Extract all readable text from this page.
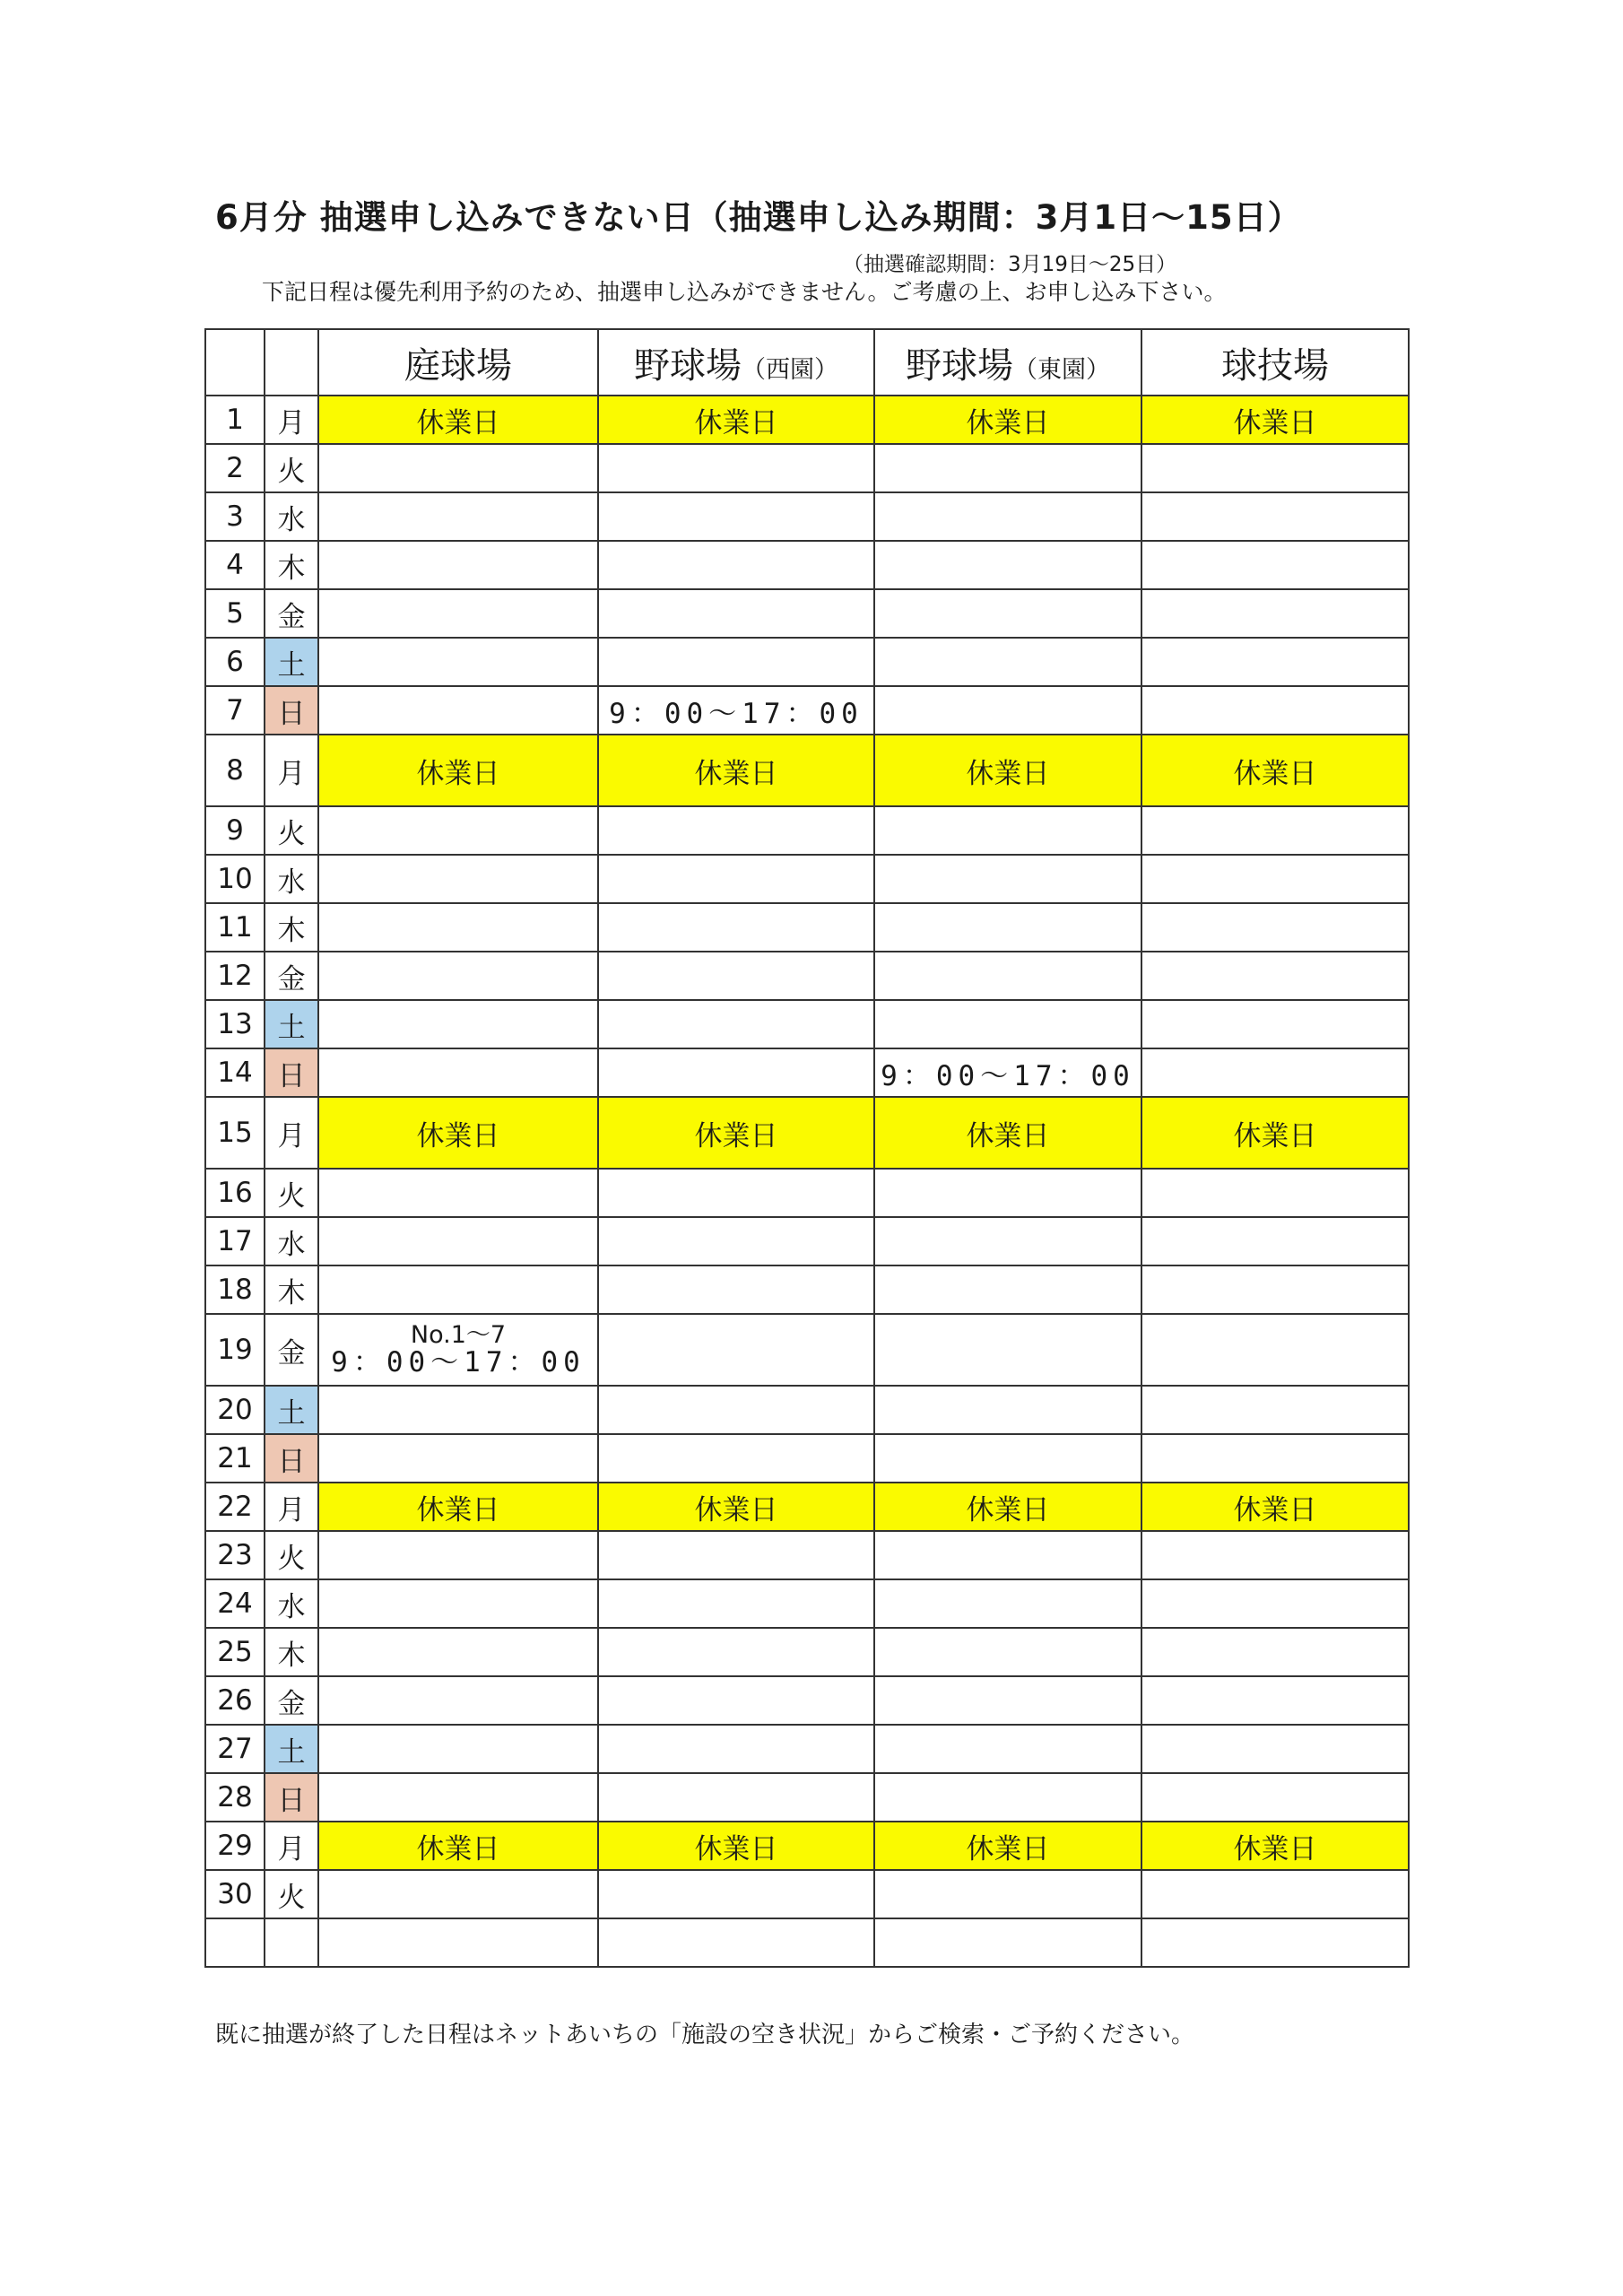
6月分 抽選申し込みできない日（抽選申し込み期間：3月1日〜15日）
（抽選確認期間：3月19日〜25日）
下記日程は優先利用予約のため、抽選申し込みができません。ご考慮の上、お申し込み下さい。
		庭球場	野球場（西園）	野球場（東園）	球技場
1	月	休業日	休業日	休業日	休業日
2	火				
3	水				
4	木				
5	金				
6	土				
7	日		9：00〜17：00		
8	月	休業日	休業日	休業日	休業日
9	火				
10	水				
11	木				
12	金				
13	土				
14	日			9：00〜17：00	
15	月	休業日	休業日	休業日	休業日
16	火				
17	水				
18	木				
19	金	No.1〜7
9：00〜17：00			

20	土				
21	日				
22	月	休業日	休業日	休業日	休業日
23	火				
24	水				
25	木				
26	金				
27	土				
28	日				
29	月	休業日	休業日	休業日	休業日
30	火				

既に抽選が終了した日程はネットあいちの「施設の空き状況」からご検索・ご予約ください。
